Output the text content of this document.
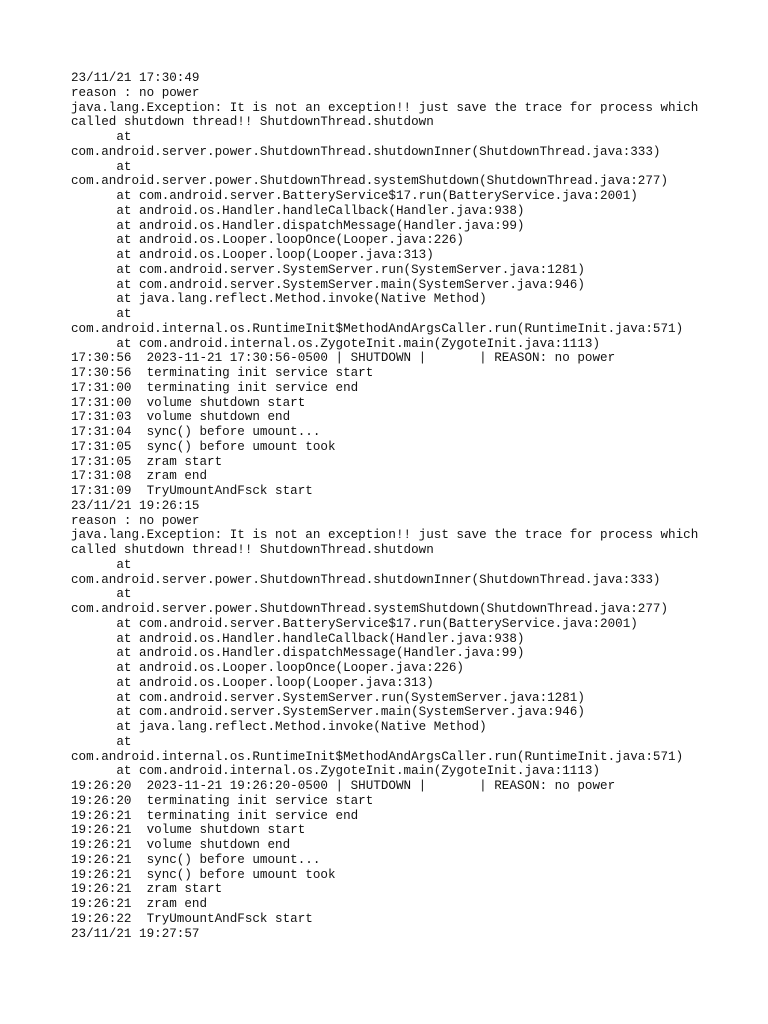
23/11/21 17:30:49
reason : no power
java.lang.Exception: It is not an exception!! just save the trace for process which
called shutdown thread!! ShutdownThread.shutdown
at
com.android.server.power.ShutdownThread.shutdownInner(ShutdownThread.java:333)
at
com.android.server.power.ShutdownThread.systemShutdown(ShutdownThread.java:277)
at com.android.server.BatteryService$17.run(BatteryService.java:2001)
at android.os.Handler.handleCallback(Handler.java:938)
at android.os.Handler.dispatchMessage(Handler.java:99)
at android.os.Looper.loopOnce(Looper.java:226)
at android.os.Looper.loop(Looper.java:313)
at com.android.server.SystemServer.run(SystemServer.java:1281)
at com.android.server.SystemServer.main(SystemServer.java:946)
at java.lang.reflect.Method.invoke(Native Method)
at
com.android.internal.os.RuntimeInit$MethodAndArgsCaller.run(RuntimeInit.java:571)
at com.android.internal.os.ZygoteInit.main(ZygoteInit.java:1113)
17:30:56  2023-11-21 17:30:56-0500 | SHUTDOWN |       | REASON: no power
17:30:56  terminating init service start
17:31:00  terminating init service end
17:31:00  volume shutdown start
17:31:03  volume shutdown end
17:31:04  sync() before umount...
17:31:05  sync() before umount took
17:31:05  zram start
17:31:08  zram end
17:31:09  TryUmountAndFsck start
23/11/21 19:26:15
reason : no power
java.lang.Exception: It is not an exception!! just save the trace for process which
called shutdown thread!! ShutdownThread.shutdown
at
com.android.server.power.ShutdownThread.shutdownInner(ShutdownThread.java:333)
at
com.android.server.power.ShutdownThread.systemShutdown(ShutdownThread.java:277)
at com.android.server.BatteryService$17.run(BatteryService.java:2001)
at android.os.Handler.handleCallback(Handler.java:938)
at android.os.Handler.dispatchMessage(Handler.java:99)
at android.os.Looper.loopOnce(Looper.java:226)
at android.os.Looper.loop(Looper.java:313)
at com.android.server.SystemServer.run(SystemServer.java:1281)
at com.android.server.SystemServer.main(SystemServer.java:946)
at java.lang.reflect.Method.invoke(Native Method)
at
com.android.internal.os.RuntimeInit$MethodAndArgsCaller.run(RuntimeInit.java:571)
at com.android.internal.os.ZygoteInit.main(ZygoteInit.java:1113)
19:26:20  2023-11-21 19:26:20-0500 | SHUTDOWN |       | REASON: no power
19:26:20  terminating init service start
19:26:21  terminating init service end
19:26:21  volume shutdown start
19:26:21  volume shutdown end
19:26:21  sync() before umount...
19:26:21  sync() before umount took
19:26:21  zram start
19:26:21  zram end
19:26:22  TryUmountAndFsck start
23/11/21 19:27:57
